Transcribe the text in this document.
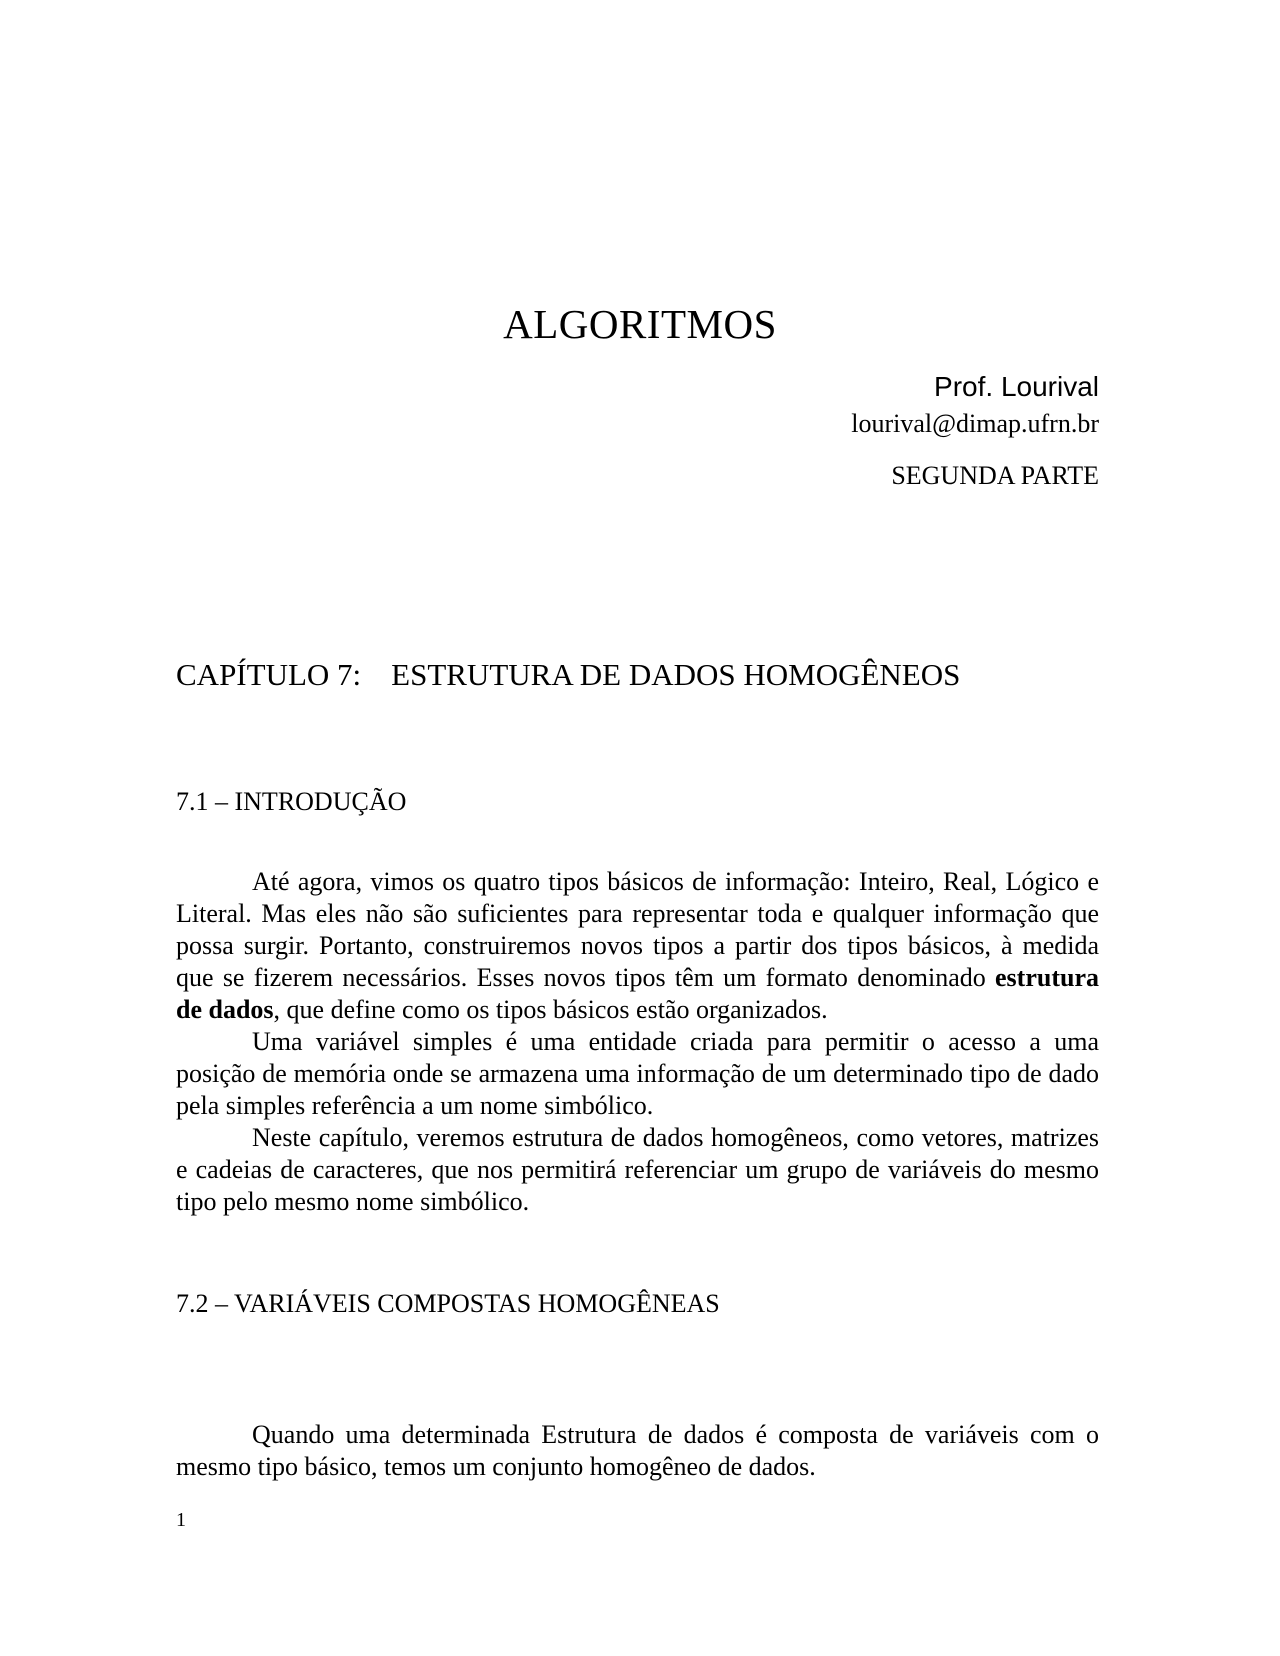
ALGORITMOS
Prof. Lourival
lourival@dimap.ufrn.br
SEGUNDA PARTE
CAPÍTULO 7: ESTRUTURA DE DADOS HOMOGÊNEOS
7.1 – INTRODUÇÃO

Até agora, vimos os quatro tipos básicos de informação: Inteiro, Real, Lógico e Literal. Mas eles não são suficientes para representar toda e qualquer informação que possa surgir. Portanto, construiremos novos tipos a partir dos tipos básicos, à medida que se fizerem necessários. Esses novos tipos têm um formato denominado estrutura de dados, que define como os tipos básicos estão organizados.

Uma variável simples é uma entidade criada para permitir o acesso a uma posição de memória onde se armazena uma informação de um determinado tipo de dado pela simples referência a um nome simbólico.

Neste capítulo, veremos estrutura de dados homogêneos, como vetores, matrizes e cadeias de caracteres, que nos permitirá referenciar um grupo de variáveis do mesmo tipo pelo mesmo nome simbólico.

7.2 – VARIÁVEIS COMPOSTAS HOMOGÊNEAS

Quando uma determinada Estrutura de dados é composta de variáveis com o mesmo tipo básico, temos um conjunto homogêneo de dados.

1
